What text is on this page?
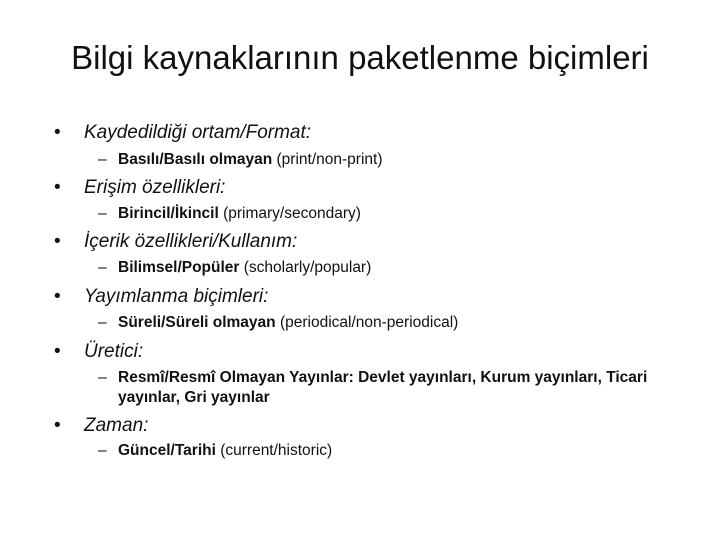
Bilgi kaynaklarının paketlenme biçimleri
• Kaydedildiği ortam/Format:
– Basılı/Basılı olmayan (print/non-print)
• Erişim özellikleri:
– Birincil/İkincil (primary/secondary)
• İçerik özellikleri/Kullanım:
– Bilimsel/Popüler (scholarly/popular)
• Yayımlanma biçimleri:
– Süreli/Süreli olmayan (periodical/non-periodical)
• Üretici:
– Resmî/Resmî Olmayan Yayınlar: Devlet yayınları, Kurum yayınları, Ticari
yayınlar, Gri yayınlar
• Zaman:
– Güncel/Tarihi (current/historic)
